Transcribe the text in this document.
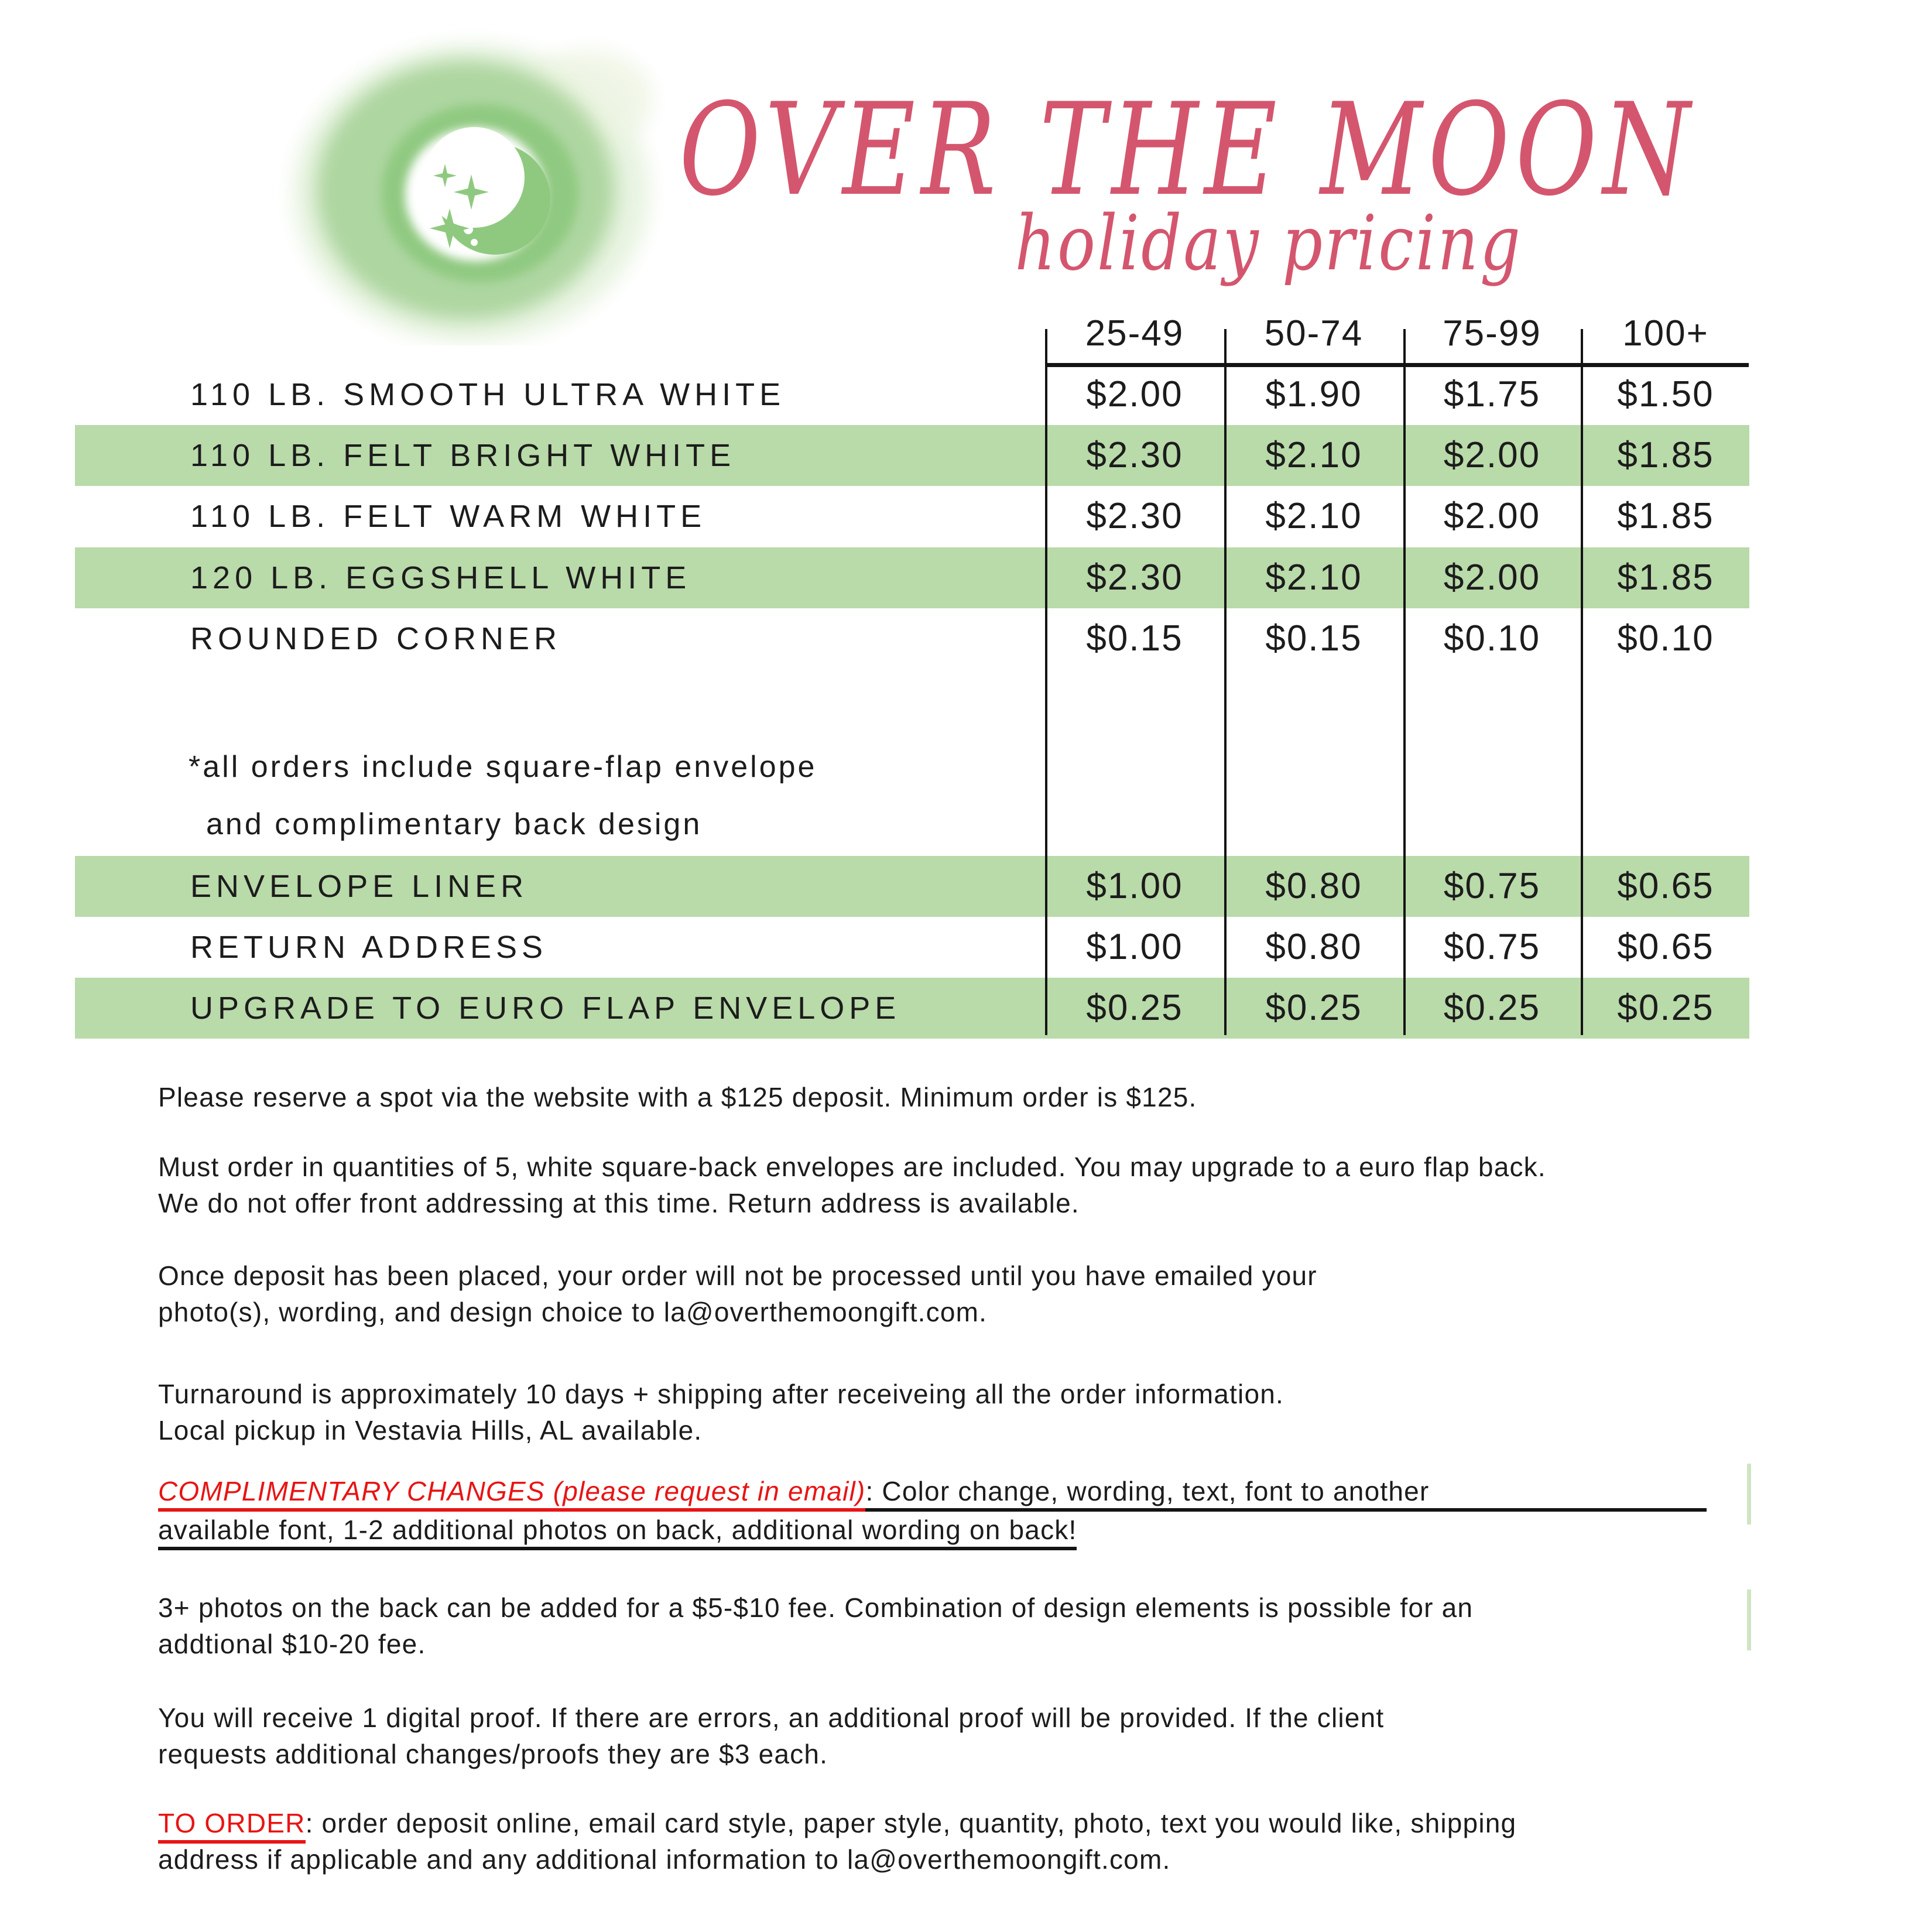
OVER THE MOON
holiday pricing
25-49	50-74	75-99	100+
110 LB. SMOOTH ULTRA WHITE	$2.00	$1.90	$1.75	$1.50
110 LB. FELT BRIGHT WHITE	$2.30	$2.10	$2.00	$1.85
110 LB. FELT WARM WHITE	$2.30	$2.10	$2.00	$1.85
120 LB. EGGSHELL WHITE	$2.30	$2.10	$2.00	$1.85
ROUNDED CORNER	$0.15	$0.15	$0.10	$0.10
*all orders include square-flap envelope
and complimentary back design
ENVELOPE LINER	$1.00	$0.80	$0.75	$0.65
RETURN ADDRESS	$1.00	$0.80	$0.75	$0.65
UPGRADE TO EURO FLAP ENVELOPE	$0.25	$0.25	$0.25	$0.25
Please reserve a spot via the website with a $125 deposit. Minimum order is $125.
Must order in quantities of 5, white square-back envelopes are included. You may upgrade to a euro flap back.
We do not offer front addressing at this time. Return address is available.
Once deposit has been placed, your order will not be processed until you have emailed your
photo(s), wording, and design choice to la@overthemoongift.com.
Turnaround is approximately 10 days + shipping after receiveing all the order information.
Local pickup in Vestavia Hills, AL available.
COMPLIMENTARY CHANGES (please request in email) : Color change, wording, text, font to another
available font, 1-2 additional photos on back, additional wording on back!
3+ photos on the back can be added for a $5-$10 fee. Combination of design elements is possible for an
addtional $10-20 fee.
You will receive 1 digital proof. If there are errors, an additional proof will be provided. If the client
requests additional changes/proofs they are $3 each.
TO ORDER: order deposit online, email card style, paper style, quantity, photo, text you would like, shipping
address if applicable and any additional information to la@overthemoongift.com.
